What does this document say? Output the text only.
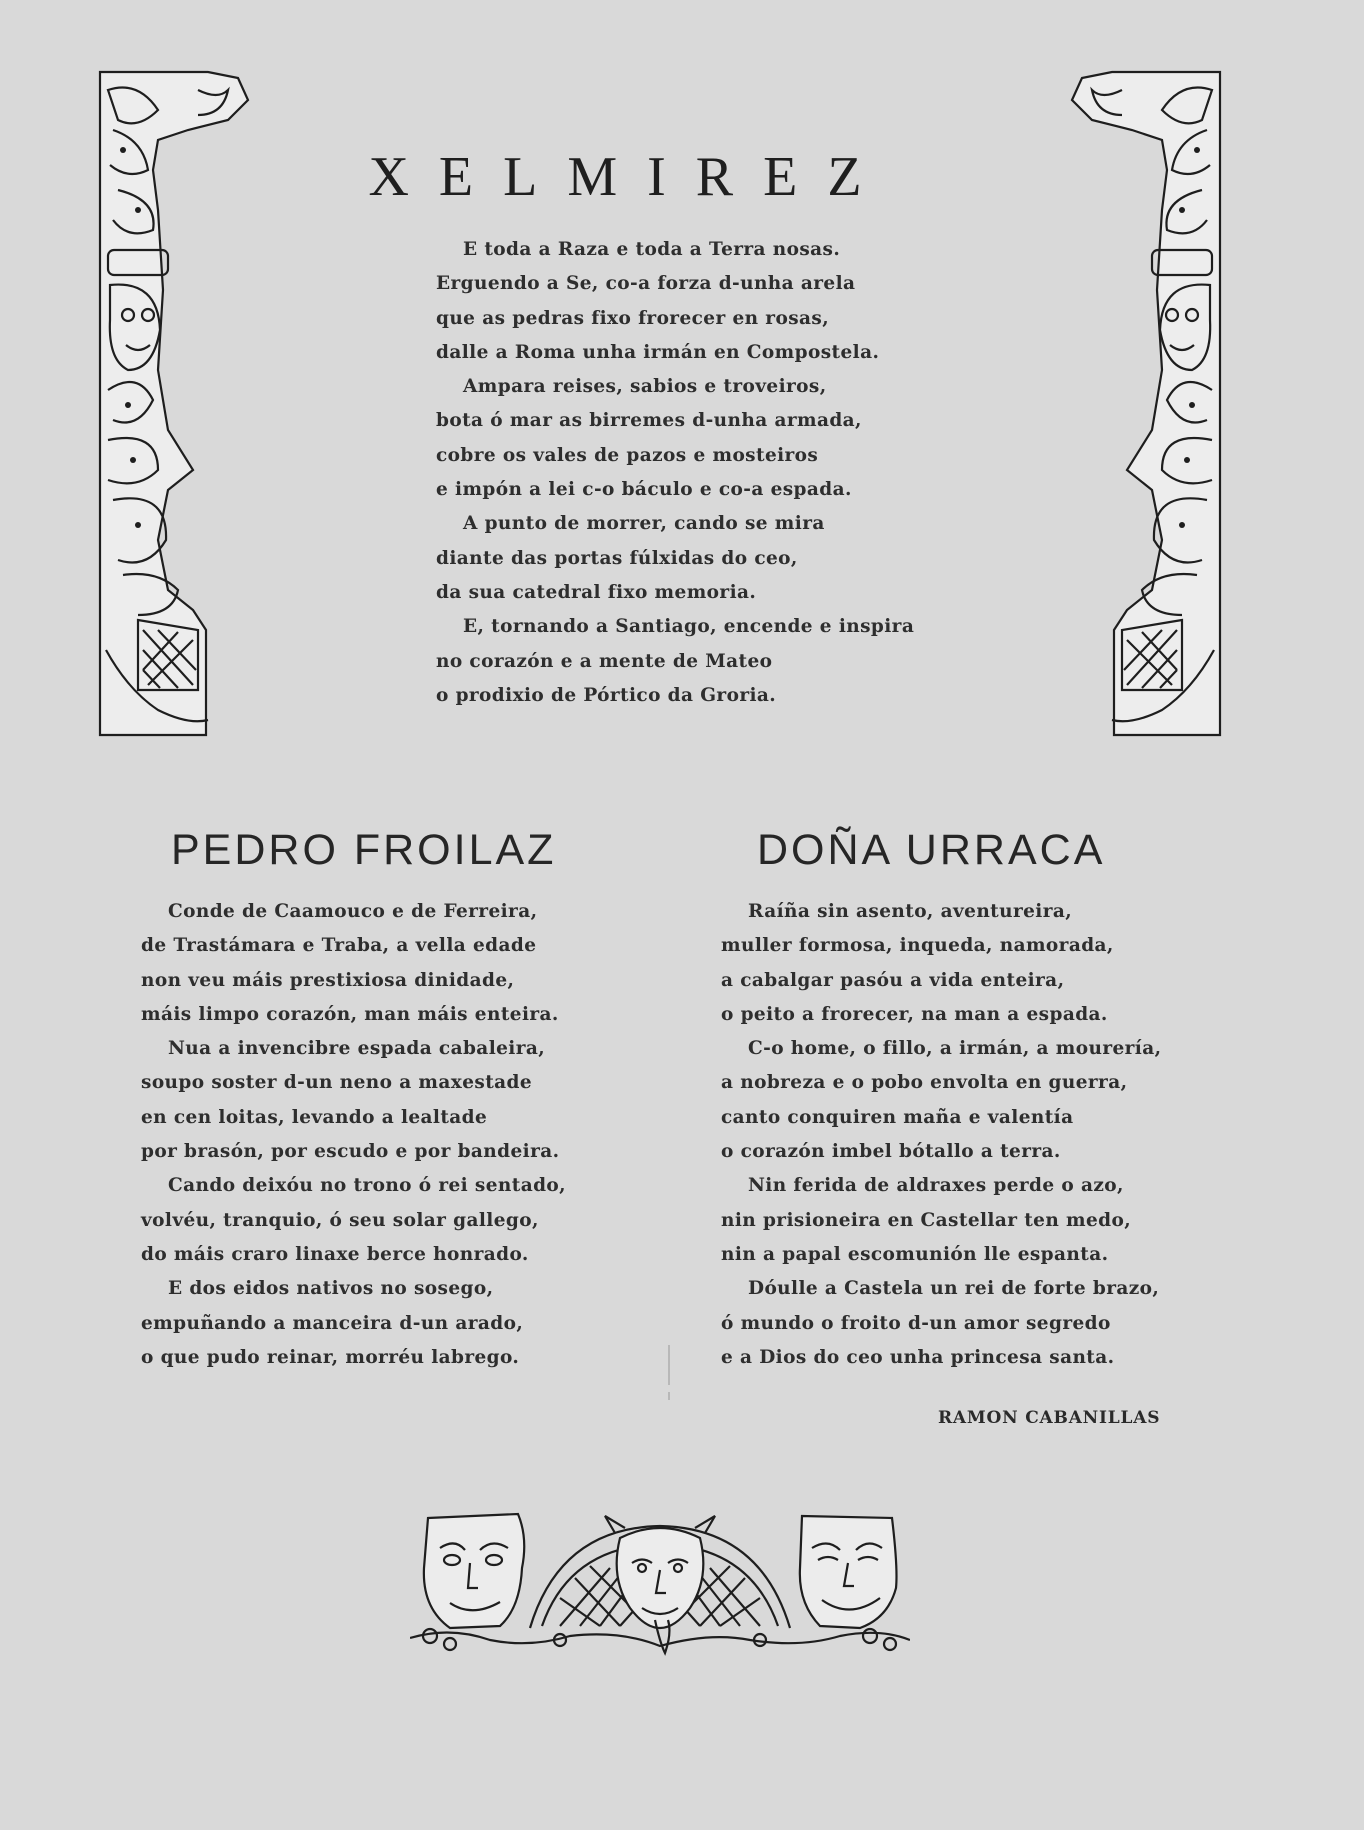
XELMIREZ
E toda a Raza e toda a Terra nosas.
Erguendo a Se, co-a forza d-unha arela
que as pedras fixo frorecer en rosas,
dalle a Roma unha irmán en Compostela.
Ampara reises, sabios e troveiros,
bota ó mar as birremes d-unha armada,
cobre os vales de pazos e mosteiros
e impón a lei c-o báculo e co-a espada.
A punto de morrer, cando se mira
diante das portas fúlxidas do ceo,
da sua catedral fixo memoria.
E, tornando a Santiago, encende e inspira
no corazón e a mente de Mateo
o prodixio de Pórtico da Groria.
PEDRO FROILAZ
Conde de Caamouco e de Ferreira,
de Trastámara e Traba, a vella edade
non veu máis prestixiosa dinidade,
máis limpo corazón, man máis enteira.
Nua a invencibre espada cabaleira,
soupo soster d-un neno a maxestade
en cen loitas, levando a lealtade
por brasón, por escudo e por bandeira.
Cando deixóu no trono ó rei sentado,
volvéu, tranquio, ó seu solar gallego,
do máis craro linaxe berce honrado.
E dos eidos nativos no sosego,
empuñando a manceira d-un arado,
o que pudo reinar, morréu labrego.
DOÑA URRACA
Raíña sin asento, aventureira,
muller formosa, inqueda, namorada,
a cabalgar pasóu a vida enteira,
o peito a frorecer, na man a espada.
C-o home, o fillo, a irmán, a mourería,
a nobreza e o pobo envolta en guerra,
canto conquiren maña e valentía
o corazón imbel bótallo a terra.
Nin ferida de aldraxes perde o azo,
nin prisioneira en Castellar ten medo,
nin a papal escomunión lle espanta.
Dóulle a Castela un rei de forte brazo,
ó mundo o froito d-un amor segredo
e a Dios do ceo unha princesa santa.

RAMON CABANILLAS
